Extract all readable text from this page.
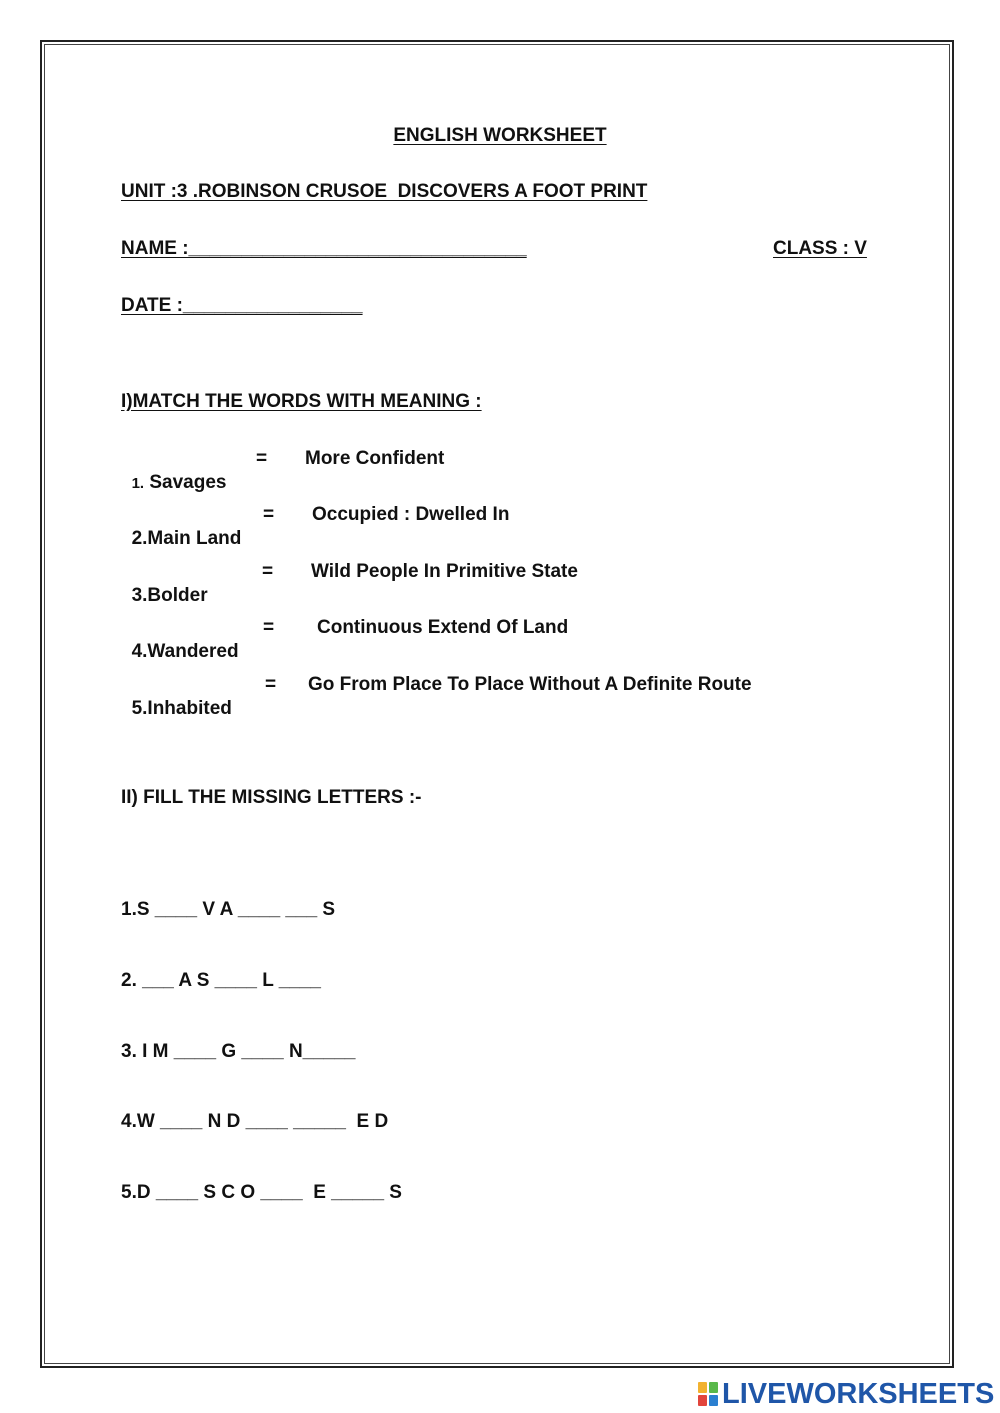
ENGLISH WORKSHEET
UNIT :3 .ROBINSON CRUSOE  DISCOVERS A FOOT PRINT
NAME :________________________________	CLASS : V
DATE :_________________
I)MATCH THE WORDS WITH MEANING :

1. Savages

= More Confident

2.Main Land

= Occupied : Dwelled In

3.Bolder

= Wild People In Primitive State

4.Wandered

= Continuous Extend Of Land

5.Inhabited

= Go From Place To Place Without A Definite Route
II) FILL THE MISSING LETTERS :-
1.S ____ V A ____ ___ S
2. ___ A S ____ L ____
3. I M ____ G ____ N_____
4.W ____ N D ____ _____  E D
5.D ____ S C O ____  E _____ S
LIVEWORKSHEETS
